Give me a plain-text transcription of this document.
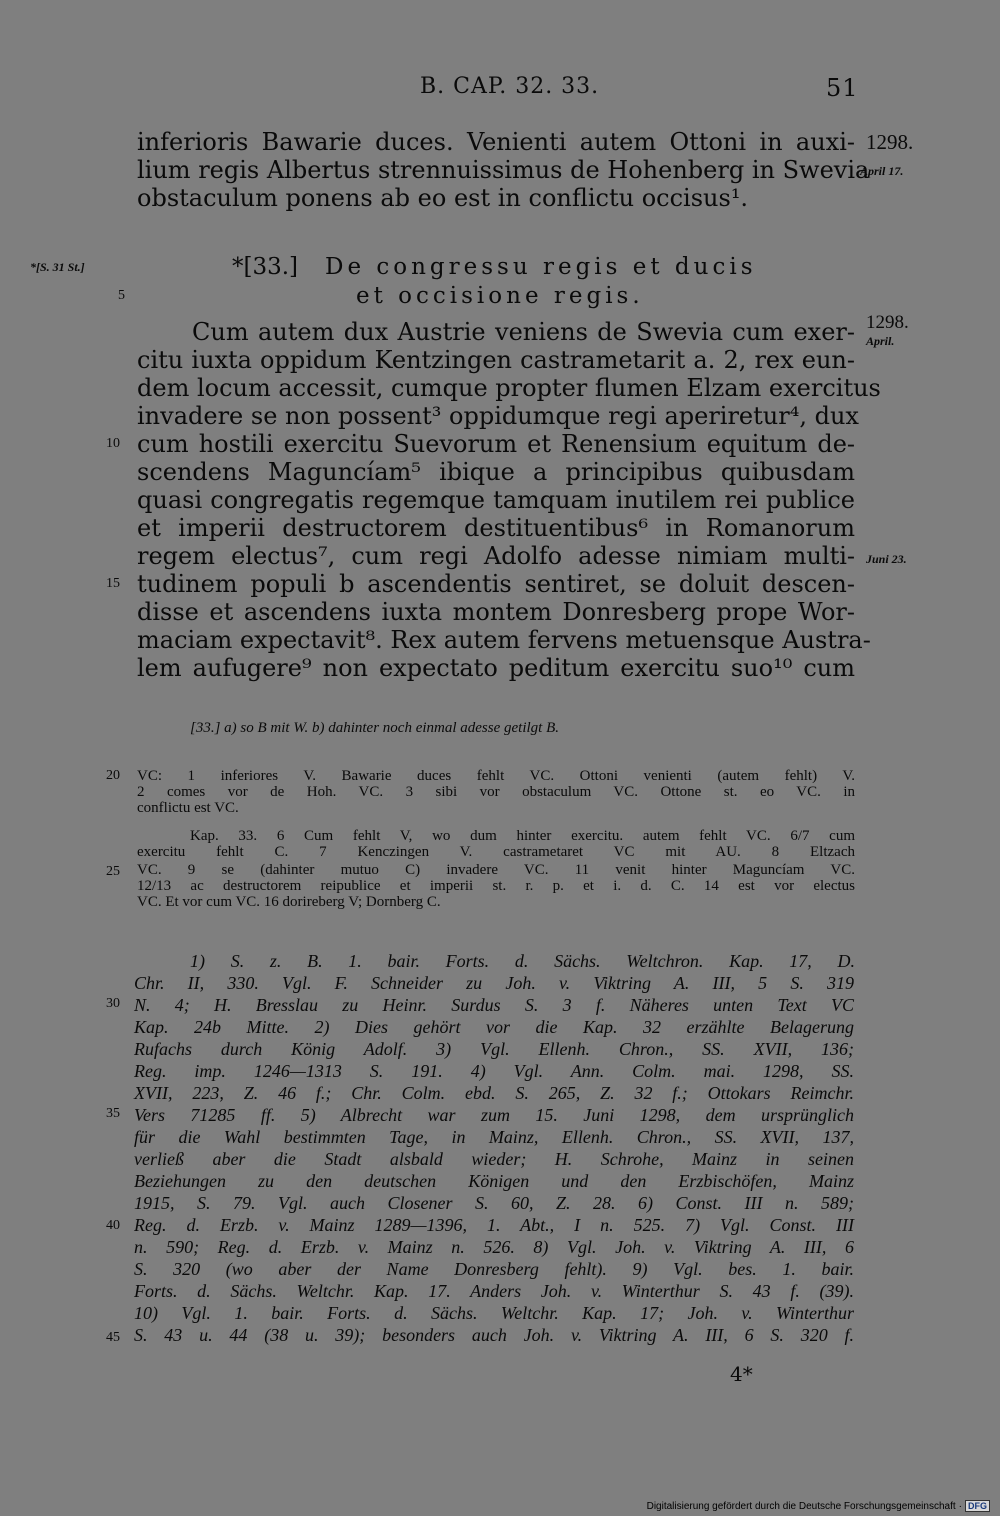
B. CAP. 32. 33.	51
inferioris Bawarie duces. Venienti autem Ottoni in auxi-
lium regis Albertus strennuissimus de Hohenberg in Swevia
obstaculum ponens ab eo est in conflictu occisus¹.
1298.
April 17.
1298.
April.
Juni 23.
*[S. 31 St.]
5
10
15
20
25
30
35
40
45
*[33.] De congressu regis et ducis
et occisione regis.
Cum autem dux Austrie veniens de Swevia cum exer-
citu iuxta oppidum Kentzingen castrametarit a. 2, rex eun-
dem locum accessit, cumque propter flumen Elzam exercitus
invadere se non possent³ oppidumque regi aperiretur⁴, dux
cum hostili exercitu Suevorum et Renensium equitum de-
scendens Maguncíam⁵ ibique a principibus quibusdam
quasi congregatis regemque tamquam inutilem rei publice
et imperii destructorem destituentibus⁶ in Romanorum
regem electus⁷, cum regi Adolfo adesse nimiam multi-
tudinem populi b ascendentis sentiret, se doluit descen-
disse et ascendens iuxta montem Donresberg prope Wor-
maciam expectavit⁸. Rex autem fervens metuensque Austra-
lem aufugere⁹ non expectato peditum exercitu suo¹⁰ cum
[33.] a) so B mit W. b) dahinter noch einmal adesse getilgt B.
VC: 1 inferiores V. Bawarie duces fehlt VC. Ottoni venienti (autem fehlt) V.
2 comes vor de Hoh. VC. 3 sibi vor obstaculum VC. Ottone st. eo VC. in
conflictu est VC.
Kap. 33. 6 Cum fehlt V, wo dum hinter exercitu. autem fehlt VC. 6/7 cum
exercitu fehlt C. 7 Kenczingen V. castrametaret VC mit AU. 8 Eltzach
VC. 9 se (dahinter mutuo C) invadere VC. 11 venit hinter Maguncíam VC.
12/13 ac destructorem reipublice et imperii st. r. p. et i. d. C. 14 est vor electus
VC. Et vor cum VC. 16 dorireberg V; Dornberg C.
1) S. z. B. 1. bair. Forts. d. Sächs. Weltchron. Kap. 17, D.
Chr. II, 330. Vgl. F. Schneider zu Joh. v. Viktring A. III, 5 S. 319
N. 4; H. Bresslau zu Heinr. Surdus S. 3 f. Näheres unten Text VC
Kap. 24b Mitte. 2) Dies gehört vor die Kap. 32 erzählte Belagerung
Rufachs durch König Adolf. 3) Vgl. Ellenh. Chron., SS. XVII, 136;
Reg. imp. 1246—1313 S. 191. 4) Vgl. Ann. Colm. mai. 1298, SS.
XVII, 223, Z. 46 f.; Chr. Colm. ebd. S. 265, Z. 32 f.; Ottokars Reimchr.
Vers 71285 ff. 5) Albrecht war zum 15. Juni 1298, dem ursprünglich
für die Wahl bestimmten Tage, in Mainz, Ellenh. Chron., SS. XVII, 137,
verließ aber die Stadt alsbald wieder; H. Schrohe, Mainz in seinen
Beziehungen zu den deutschen Königen und den Erzbischöfen, Mainz
1915, S. 79. Vgl. auch Closener S. 60, Z. 28. 6) Const. III n. 589;
Reg. d. Erzb. v. Mainz 1289—1396, 1. Abt., I n. 525. 7) Vgl. Const. III
n. 590; Reg. d. Erzb. v. Mainz n. 526. 8) Vgl. Joh. v. Viktring A. III, 6
S. 320 (wo aber der Name Donresberg fehlt). 9) Vgl. bes. 1. bair.
Forts. d. Sächs. Weltchr. Kap. 17. Anders Joh. v. Winterthur S. 43 f. (39).
10) Vgl. 1. bair. Forts. d. Sächs. Weltchr. Kap. 17; Joh. v. Winterthur
S. 43 u. 44 (38 u. 39); besonders auch Joh. v. Viktring A. III, 6 S. 320 f.
4*
Digitalisierung gefördert durch die Deutsche Forschungsgemeinschaft · DFG
